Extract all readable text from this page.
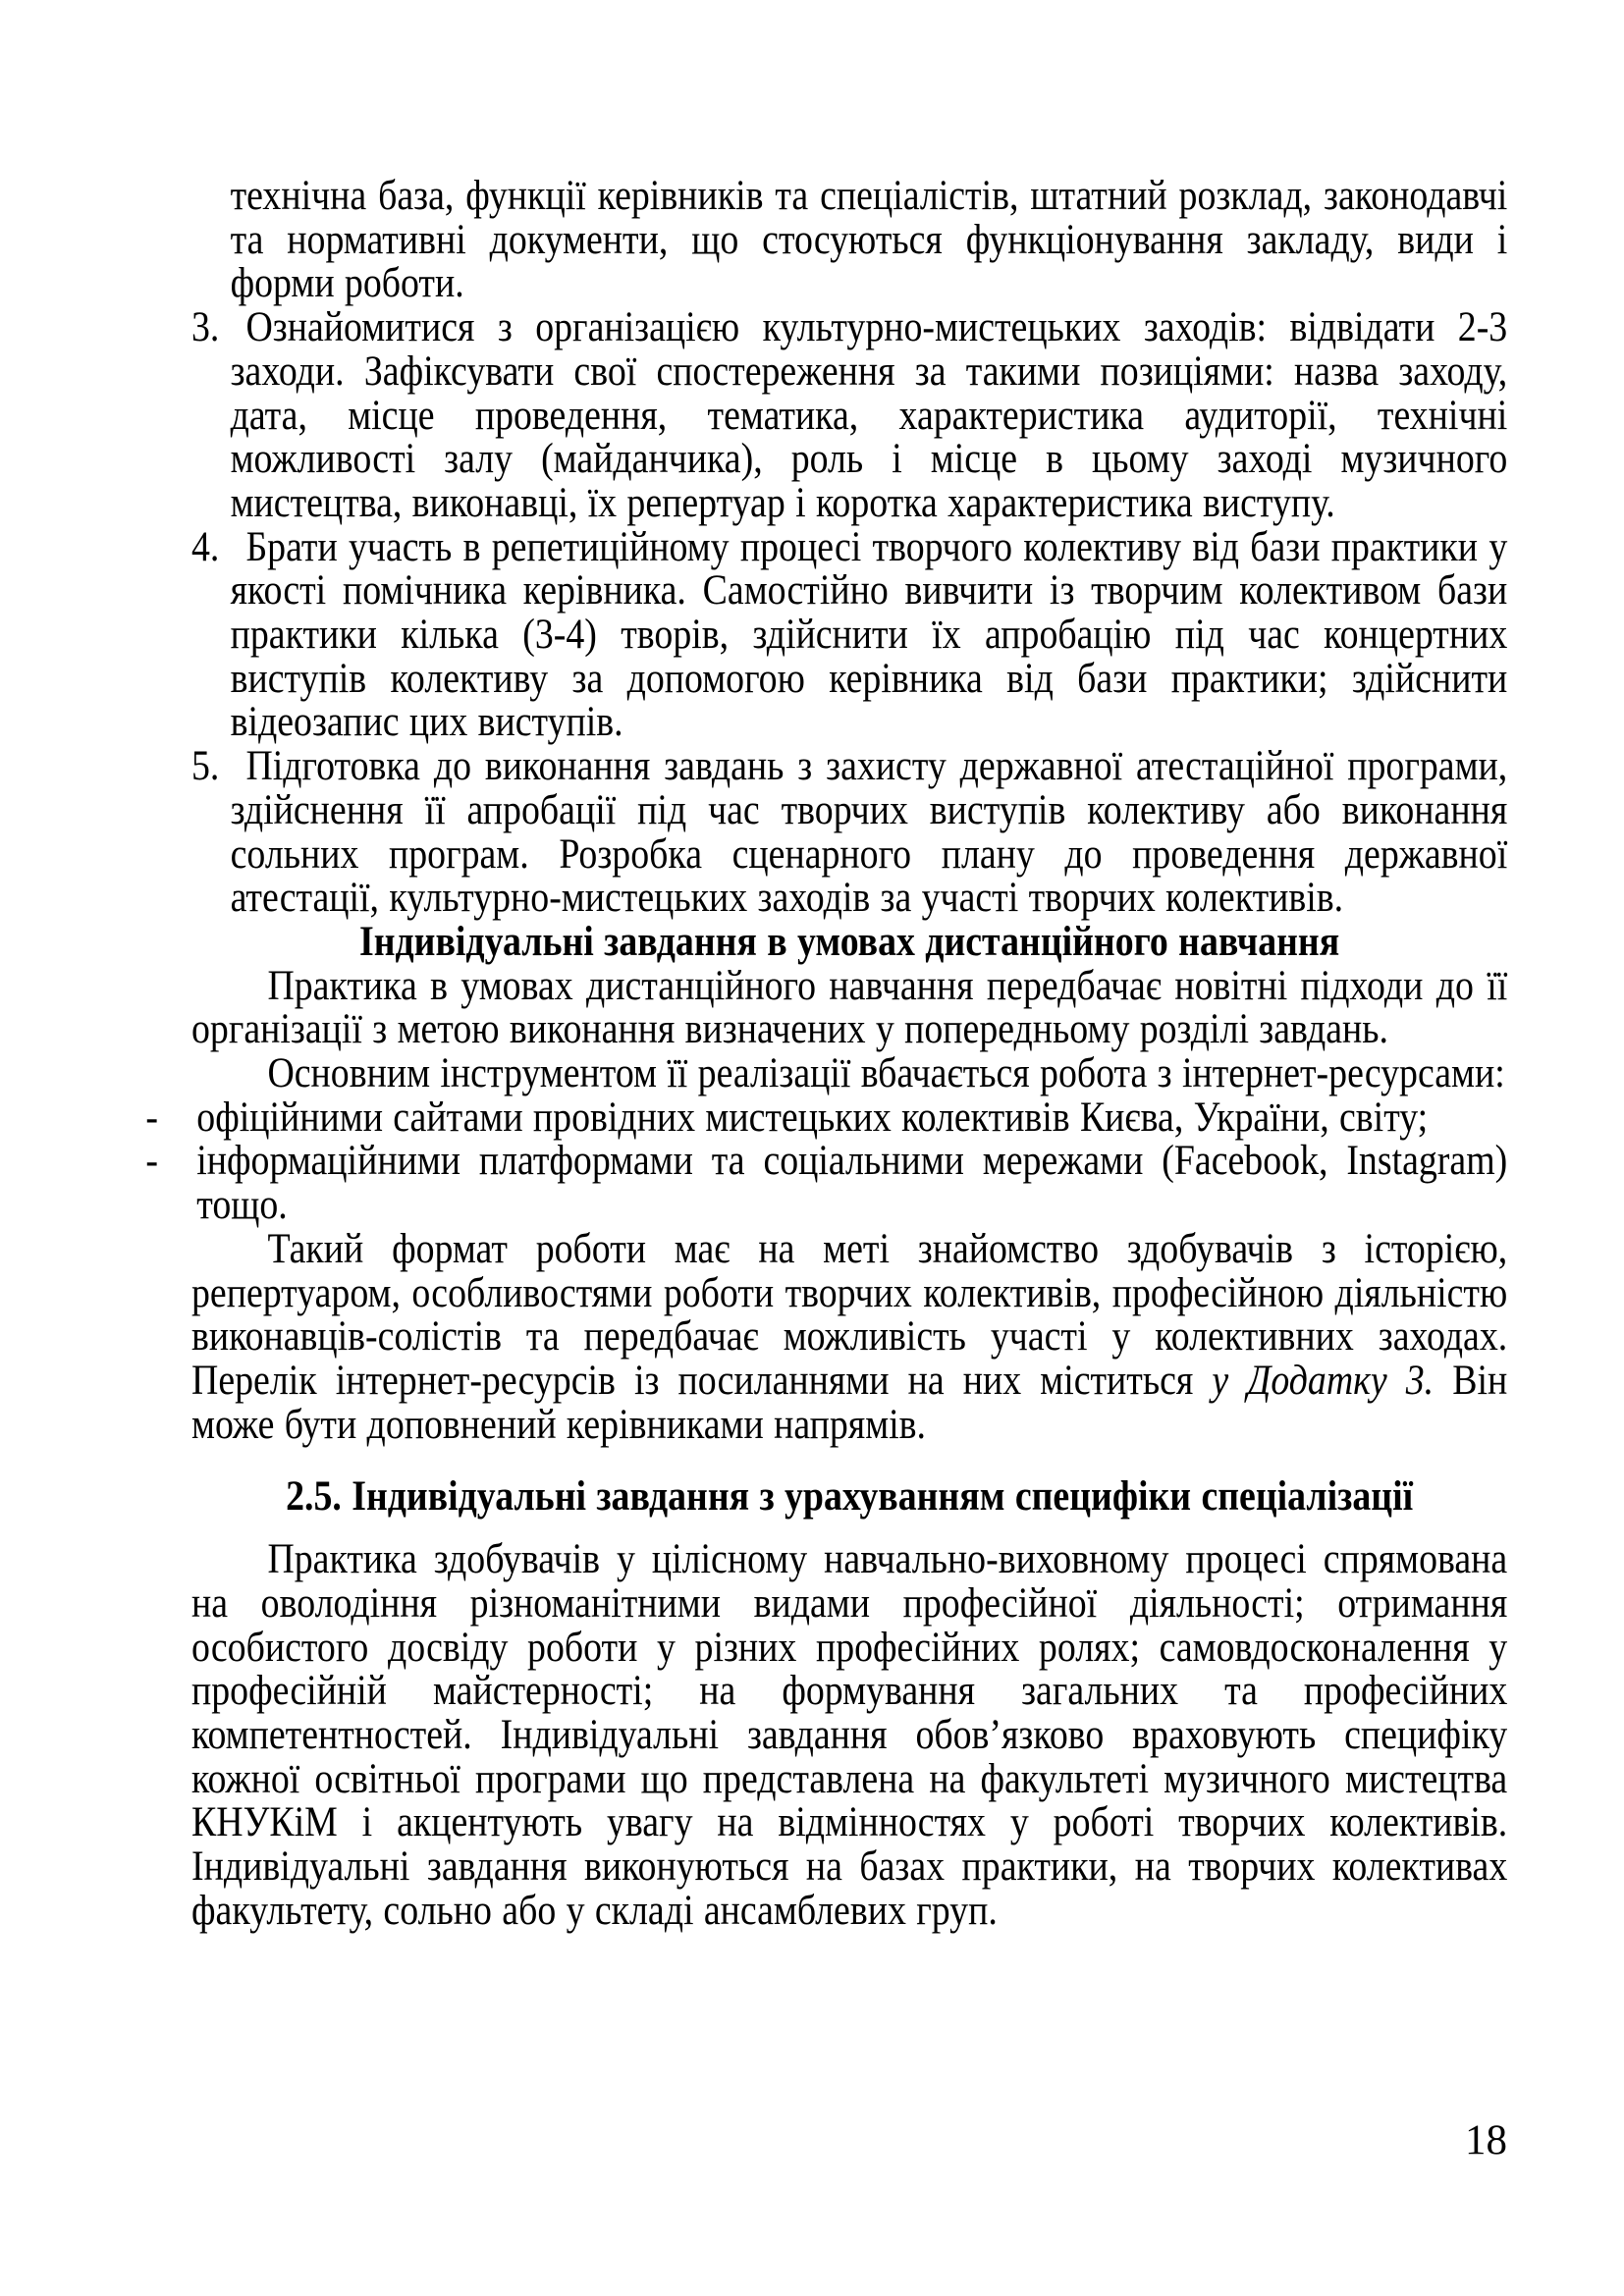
технічна база, функції керівників та спеціалістів, штатний розклад, законодавчі та нормативні документи, що стосуються функціонування закладу, види і форми роботи.
3. Ознайомитися з організацією культурно-мистецьких заходів: відвідати 2-3 заходи. Зафіксувати свої спостереження за такими позиціями: назва заходу, дата, місце проведення, тематика, характеристика аудиторії, технічні можливості залу (майданчика), роль і місце в цьому заході музичного мистецтва, виконавці, їх репертуар і коротка характеристика виступу.
4. Брати участь в репетиційному процесі творчого колективу від бази практики у якості помічника керівника. Самостійно вивчити із творчим колективом бази практики кілька (3-4) творів, здійснити їх апробацію під час концертних виступів колективу за допомогою керівника від бази практики; здійснити відеозапис цих виступів.
5. Підготовка до виконання завдань з захисту державної атестаційної програми, здійснення її апробації під час творчих виступів колективу або виконання сольних програм. Розробка сценарного плану до проведення державної атестації, культурно-мистецьких заходів за участі творчих колективів.
Індивідуальні завдання в умовах дистанційного навчання
Практика в умовах дистанційного навчання передбачає новітні підходи до її організації з метою виконання визначених у попередньому розділі завдань.
Основним інструментом її реалізації вбачається робота з інтернет-ресурсами:
- офіційними сайтами провідних мистецьких колективів Києва, України, світу;
- інформаційними платформами та соціальними мережами (Facebook, Instagram) тощо.
Такий формат роботи має на меті знайомство здобувачів з історією, репертуаром, особливостями роботи творчих колективів, професійною діяльністю виконавців-солістів та передбачає можливість участі у колективних заходах. Перелік інтернет-ресурсів із посиланнями на них міститься у Додатку 3. Він може бути доповнений керівниками напрямів.
2.5. Індивідуальні завдання з урахуванням специфіки спеціалізації
Практика здобувачів у цілісному навчально-виховному процесі спрямована на оволодіння різноманітними видами професійної діяльності; отримання особистого досвіду роботи у різних професійних ролях; самовдосконалення у професійній майстерності; на формування загальних та професійних компетентностей. Індивідуальні завдання обов’язково враховують специфіку кожної освітньої програми що представлена на факультеті музичного мистецтва КНУКіМ і акцентують увагу на відмінностях у роботі творчих колективів. Індивідуальні завдання виконуються на базах практики, на творчих колективах факультету, сольно або у складі ансамблевих груп.
18
